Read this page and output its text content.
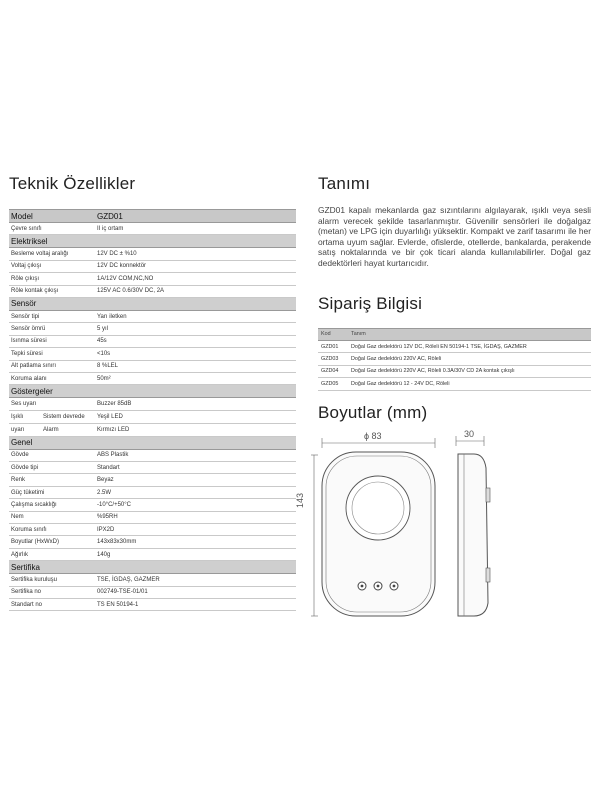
Teknik Özellikler
Model	GZD01
Çevre sınıfı	II iç ortam
Elektriksel
Besleme voltaj aralığı	12V DC ± %10
Voltaj çıkışı	12V DC konnektör
Röle çıkışı	1A/12V COM,NC,NO
Röle kontak çıkışı	125V AC 0.6/30V DC, 2A
Sensör
Sensör tipi	Yarı iletken
Sensör ömrü	5 yıl
Isınma süresi	45s
Tepki süresi	<10s
Alt patlama sınırı	8 %LEL
Koruma alanı	50m²
Göstergeler
Ses uyarı	Buzzer 85dB
Işıklı	Sistem devrede	Yeşil LED
uyarı	Alarm	Kırmızı LED
Genel
Gövde	ABS Plastik
Gövde tipi	Standart
Renk	Beyaz
Güç tüketimi	2.5W
Çalışma sıcaklığı	-10°C/+50°C
Nem	%95RH
Koruma sınıfı	IPX2D
Boyutlar (HxWxD)	143x83x30mm
Ağırlık	140g
Sertifika
Sertifika kuruluşu	TSE, İGDAŞ, GAZMER
Sertifika no	002749-TSE-01/01
Standart no	TS EN 50194-1
Tanımı
GZD01 kapalı mekanlarda gaz sızıntılarını algılayarak, ışıklı veya sesli alarm verecek şekilde tasarlanmıştır. Güvenilir sensörleri ile doğalgaz (metan) ve LPG için duyarlılığı yüksektir. Kompakt ve zarif tasarımı ile her ortama uyum sağlar. Evlerde, ofislerde, otellerde, bankalarda, perakende satış noktalarında ve bir çok ticari alanda kullanılabilirler. Doğal gaz dedektörleri hayat kurtarıcıdır.
Sipariş Bilgisi
Kod	Tanım
GZD01	Doğal Gaz dedektörü 12V DC, Röleli EN 50194-1 TSE, İGDAŞ, GAZMER
GZD03	Doğal Gaz dedektörü 220V AC, Röleli
GZD04	Doğal Gaz dedektörü 220V AC, Röleli 0.3A/30V CD 2A kontak çıkışlı
GZD05	Doğal Gaz dedektörü 12 - 24V DC, Röleli
Boyutlar (mm)
ϕ 83
143
30
